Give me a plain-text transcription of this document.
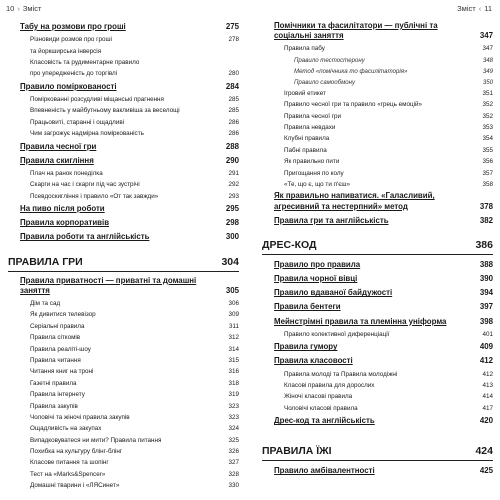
10 › Зміст	Зміст ‹ 11
Табу на розмови про гроші	275
Різновиди розмов про гроші	278
та йоркширська інверсія
Класовість та рудиментарне правило
про упередженість до торгівлі	280
Правило поміркованості	284
Поміркованні розсудливі міщанські прагнення	285
Впевненість у майбутньому вакливіша за веселощі	285
Працьовиті, старанні і ощадливі	286
Чим загрожує надмірна поміркованість	286
Правила чесної гри	288
Правила скигління	290
Плач на ранок понеділка	291
Скарги на час і скарги під час зустрічі	292
Псевдоскигління і правило «От так завжди»	293
На пиво після роботи	295
Правила корпоративів	298
Правила роботи та англійськість	300
ПРАВИЛА ГРИ	304
Правила приватності — приватні та домашні заняття	305
Дім та сад	306
Як дивитися телевізор	309
Серіальні правила	311
Правила сіткомів	312
Правила реаліті-шоу	314
Правила читання	315
Читання книг на троні	316
Газетні правила	318
Правила інтернету	319
Правила закупів	323
Чоловічі та жіночі правила закупів	323
Ощадливість на закупах	324
Випадковуватеся ни мити? Правила питання	325
Похибка на культуру блінг-блінг	326
Класове питання та шопінг	327
Тест на «Marks&Spencer»	328
Домашні тварини і «ЛЯСинет»	330
Помічники та фасилітатори — публічні та соціальні заняття	347
Правила пабу	347
Правило тестостерону	348
Метод «помічника то фасилітаторія»	349
Правило самообмону	350
Ігровий етикет	351
Правило чесної гри та правило «грець емоцій»	352
Правила чесної гри	352
Правила невдахи	353
Клубні правила	354
Пабні правила	355
Як правильно пити	356
Пригощання по колу	357
«Те, що є, що ти п'єш»	358
Як правильно напиватися. «Галасливий, агресивний та нестерпний» метод	378
Правила гри та англійськість	382
ДРЕС-КОД	386
Правило про правила	388
Правила чорної вівці	390
Правило вдаваної байдужості	394
Правила бентеги	397
Мейнстрімні правила та племінна уніформа	398
Правило колективної диференціації	401
Правила гумору	409
Правила класовості	412
Правила молоді та Правила молодіжні	412
Класові правила для дорослих	413
Жіночі класові правила	414
Чоловічі класові правила	417
Дрес-код та англійськість	420
ПРАВИЛА ЇЖІ	424
Правило амбівалентності	425
